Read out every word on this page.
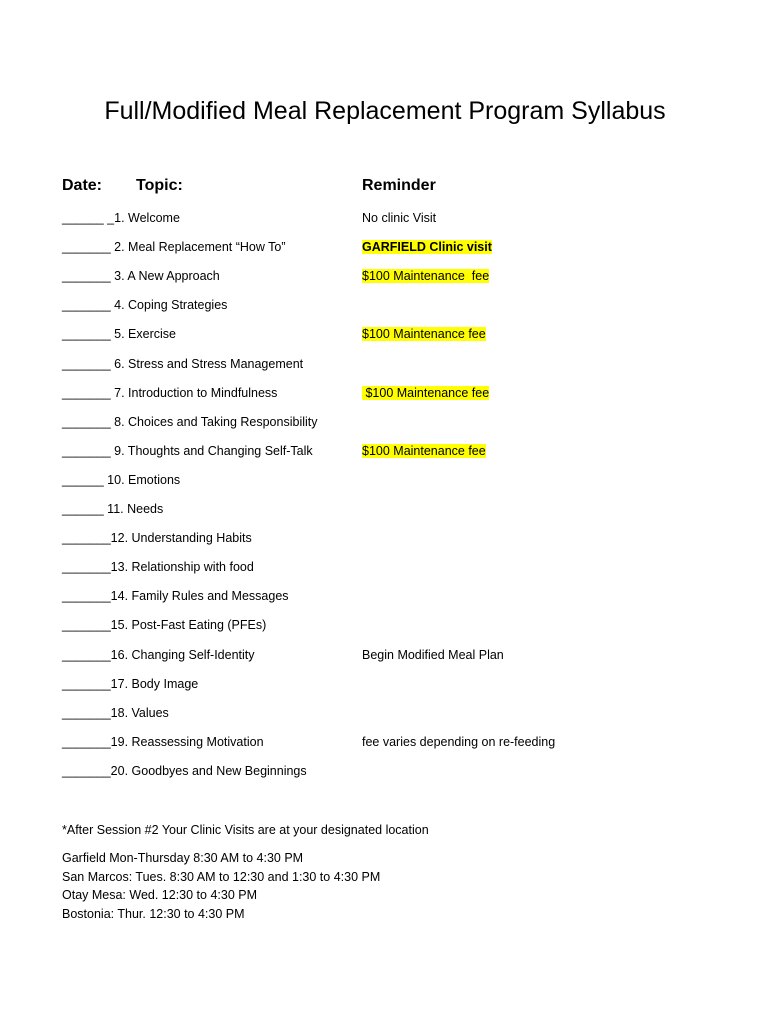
Full/Modified Meal Replacement Program Syllabus
Date: Topic:	Reminder
______ _1. Welcome	No clinic Visit
_______ 2. Meal Replacement “How To”	GARFIELD Clinic visit
_______ 3. A New Approach	$100 Maintenance  fee
_______ 4. Coping Strategies
_______ 5. Exercise	$100 Maintenance fee
_______ 6. Stress and Stress Management
_______ 7. Introduction to Mindfulness	$100 Maintenance fee
_______ 8. Choices and Taking Responsibility
_______ 9. Thoughts and Changing Self-Talk	$100 Maintenance fee
______ 10. Emotions
______ 11. Needs
_______12. Understanding Habits
_______13. Relationship with food
_______14. Family Rules and Messages
_______15. Post-Fast Eating (PFEs)
_______16. Changing Self-Identity	Begin Modified Meal Plan
_______17. Body Image
_______18. Values
_______19. Reassessing Motivation	fee varies depending on re-feeding
_______20. Goodbyes and New Beginnings
*After Session #2 Your Clinic Visits are at your designated location
Garfield Mon-Thursday 8:30 AM to 4:30 PM
San Marcos: Tues. 8:30 AM to 12:30 and 1:30 to 4:30 PM
Otay Mesa: Wed. 12:30 to 4:30 PM
Bostonia: Thur. 12:30 to 4:30 PM
